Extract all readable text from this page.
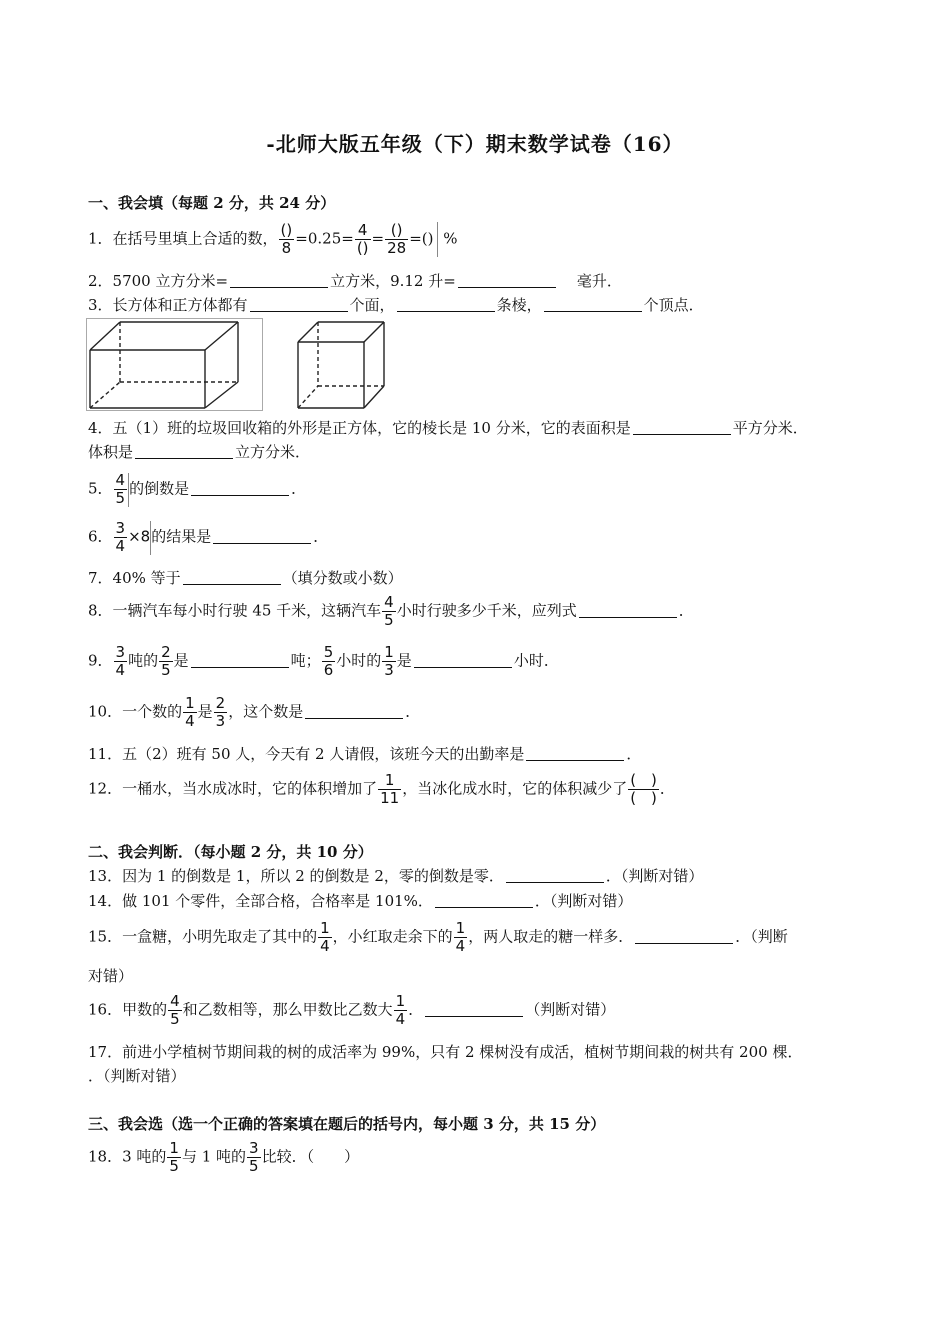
-北师大版五年级（下）期末数学试卷（16）
一、我会填（每题 2 分，共 24 分）
1．在括号里填上合适的数， $\frac{()}{8} =0.25= \frac{4}{()} = \frac{()}{28}$ =() %
2．5700 立方分米=	立方米，9.12 升=	毫升．
3．长方体和正方体都有	个面，	条棱，	个顶点．
4．五（1）班的垃圾回收箱的外形是正方体，它的棱长是 10 分米，它的表面积是	平方分米．
体积是	立方分米．
5． $\frac{4}{5}$ 的倒数是	．
6． $\frac{3}{4} \times 8$的结果是	．
7．40% 等于	（填分数或小数）
8．一辆汽车每小时行驶 45 千米，这辆汽车 $\frac{4}{5}$ 小时行驶多少千米，应列式	．
9． $\frac{3}{4}$ 吨的 $\frac{2}{5}$ 是	吨； $\frac{5}{6}$ 小时的 $\frac{1}{3}$ 是	小时．
10．一个数的 $\frac{1}{4}$ 是 $\frac{2}{3}$ ，这个数是	．
11．五（2）班有 50 人，今天有 2 人请假，该班今天的出勤率是	．
12．一桶水，当水成冰时，它的体积增加了 $\frac{1}{11}$ ，当冰化成水时，它的体积减少了 $\frac{( )}{( )}$ ．
二、我会判断．（每小题 2 分，共 10 分）
13．因为 1 的倒数是 1，所以 2 的倒数是 2，零的倒数是零．	．（判断对错）
14．做 101 个零件，全部合格，合格率是 101%．	．（判断对错）
15．一盒糖，小明先取走了其中的 $\frac{1}{4}$ ，小红取走余下的 $\frac{1}{4}$ ，两人取走的糖一样多．	．（判断
对错）
16．甲数的 $\frac{4}{5}$ 和乙数相等，那么甲数比乙数大 $\frac{1}{4}$ ．	（判断对错）
17．前进小学植树节期间栽的树的成活率为 99%，只有 2 棵树没有成活，植树节期间栽的树共有 200 棵．
．（判断对错）
三、我会选（选一个正确的答案填在题后的括号内，每小题 3 分，共 15 分）
18．3 吨的 $\frac{1}{5}$ 与 1 吨的 $\frac{3}{5}$ 比较．（　　）
